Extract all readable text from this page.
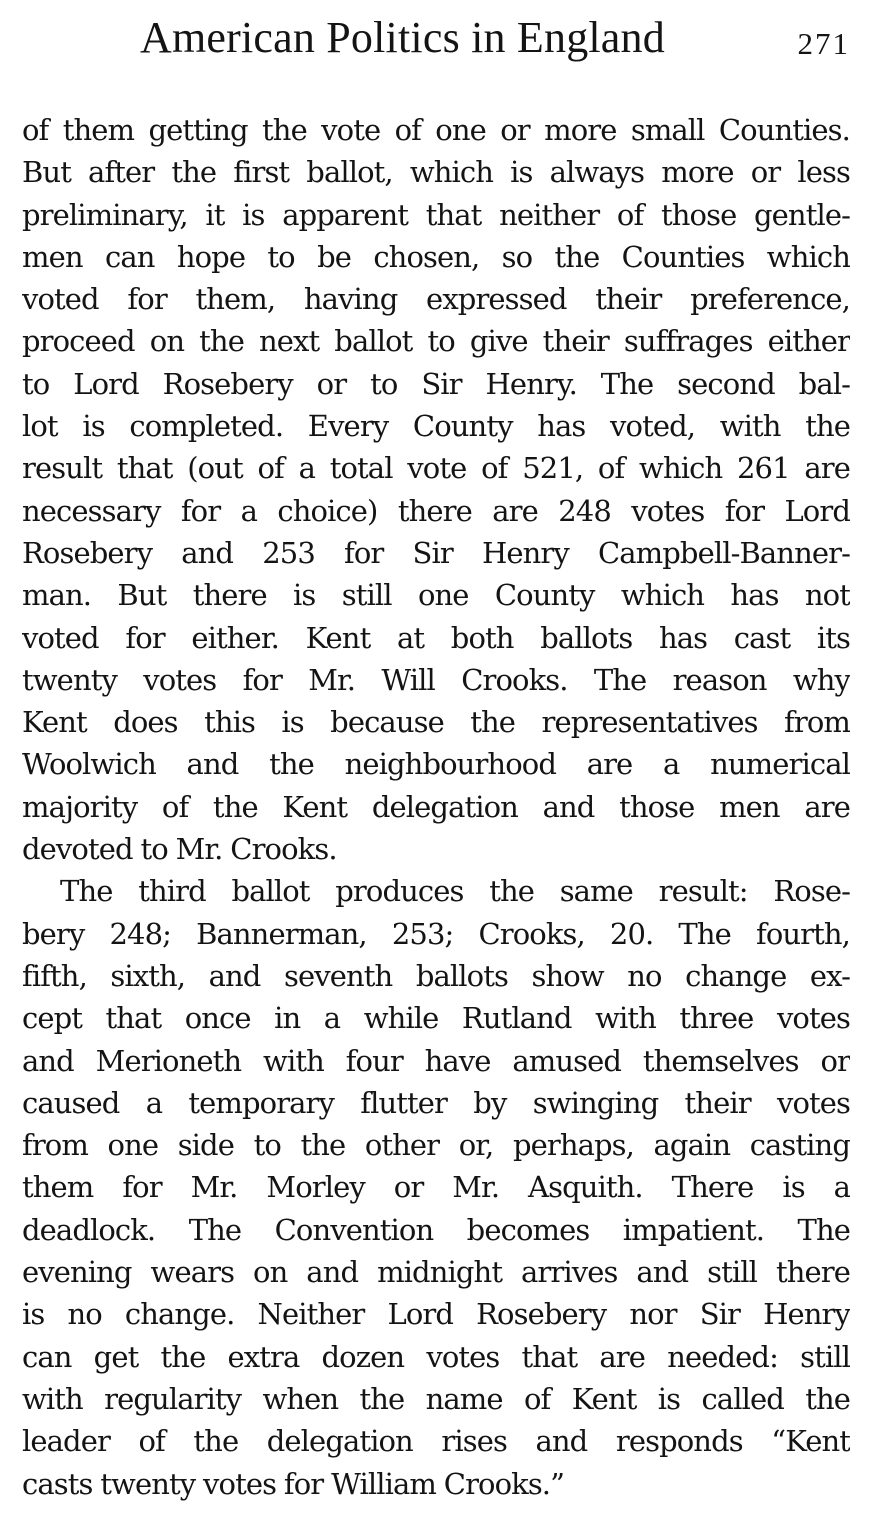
American Politics in England	271
of them getting the vote of one or more small Counties.
But after the first ballot, which is always more or less
preliminary, it is apparent that neither of those gentle-
men can hope to be chosen, so the Counties which
voted for them, having expressed their preference,
proceed on the next ballot to give their suffrages either
to Lord Rosebery or to Sir Henry. The second bal-
lot is completed. Every County has voted, with the
result that (out of a total vote of 521, of which 261 are
necessary for a choice) there are 248 votes for Lord
Rosebery and 253 for Sir Henry Campbell-Banner-
man. But there is still one County which has not
voted for either. Kent at both ballots has cast its
twenty votes for Mr. Will Crooks. The reason why
Kent does this is because the representatives from
Woolwich and the neighbourhood are a numerical
majority of the Kent delegation and those men are
devoted to Mr. Crooks.
The third ballot produces the same result: Rose-
bery 248; Bannerman, 253; Crooks, 20. The fourth,
fifth, sixth, and seventh ballots show no change ex-
cept that once in a while Rutland with three votes
and Merioneth with four have amused themselves or
caused a temporary flutter by swinging their votes
from one side to the other or, perhaps, again casting
them for Mr. Morley or Mr. Asquith. There is a
deadlock. The Convention becomes impatient. The
evening wears on and midnight arrives and still there
is no change. Neither Lord Rosebery nor Sir Henry
can get the extra dozen votes that are needed: still
with regularity when the name of Kent is called the
leader of the delegation rises and responds “Kent
casts twenty votes for William Crooks.”
